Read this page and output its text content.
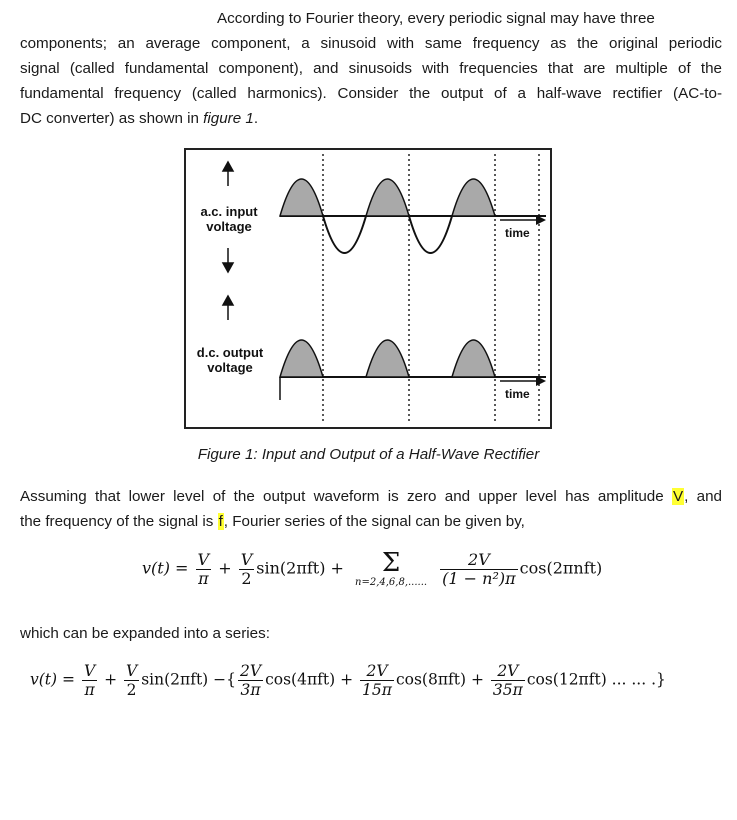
According to Fourier theory, every periodic signal may have three
components; an average component, a sinusoid with same frequency as the original periodic
signal (called fundamental component), and sinusoids with frequencies that are multiple of the
fundamental frequency (called harmonics). Consider the output of a half-wave rectifier (AC-to-
DC converter) as shown in figure 1.
a.c. input
voltage
d.c. output
voltage
time
time
Figure 1: Input and Output of a Half-Wave Rectifier
Assuming that lower level of the output waveform is zero and upper level has amplitude V, and
the frequency of the signal is f, Fourier series of the signal can be given by,
$v(t) = \frac{V}{\pi} + \frac{V}{2} \sin(2\pi ft)$ +	Σ
n=2,4,6,8,......
$\frac{2V}{\text{(1 − n²)π}} \cos(2\pi nft)$
which can be expanded into a series:
$v(t) = \frac{V}{\pi} + \frac{V}{2} \sin(2\pi ft)$ −{ $\frac{2V}{3\pi} \cos(4\pi ft) + \frac{2V}{15\pi} \cos(8\pi ft) + \frac{2V}{35\pi} \cos(12\pi ft)$ ... ... .}
